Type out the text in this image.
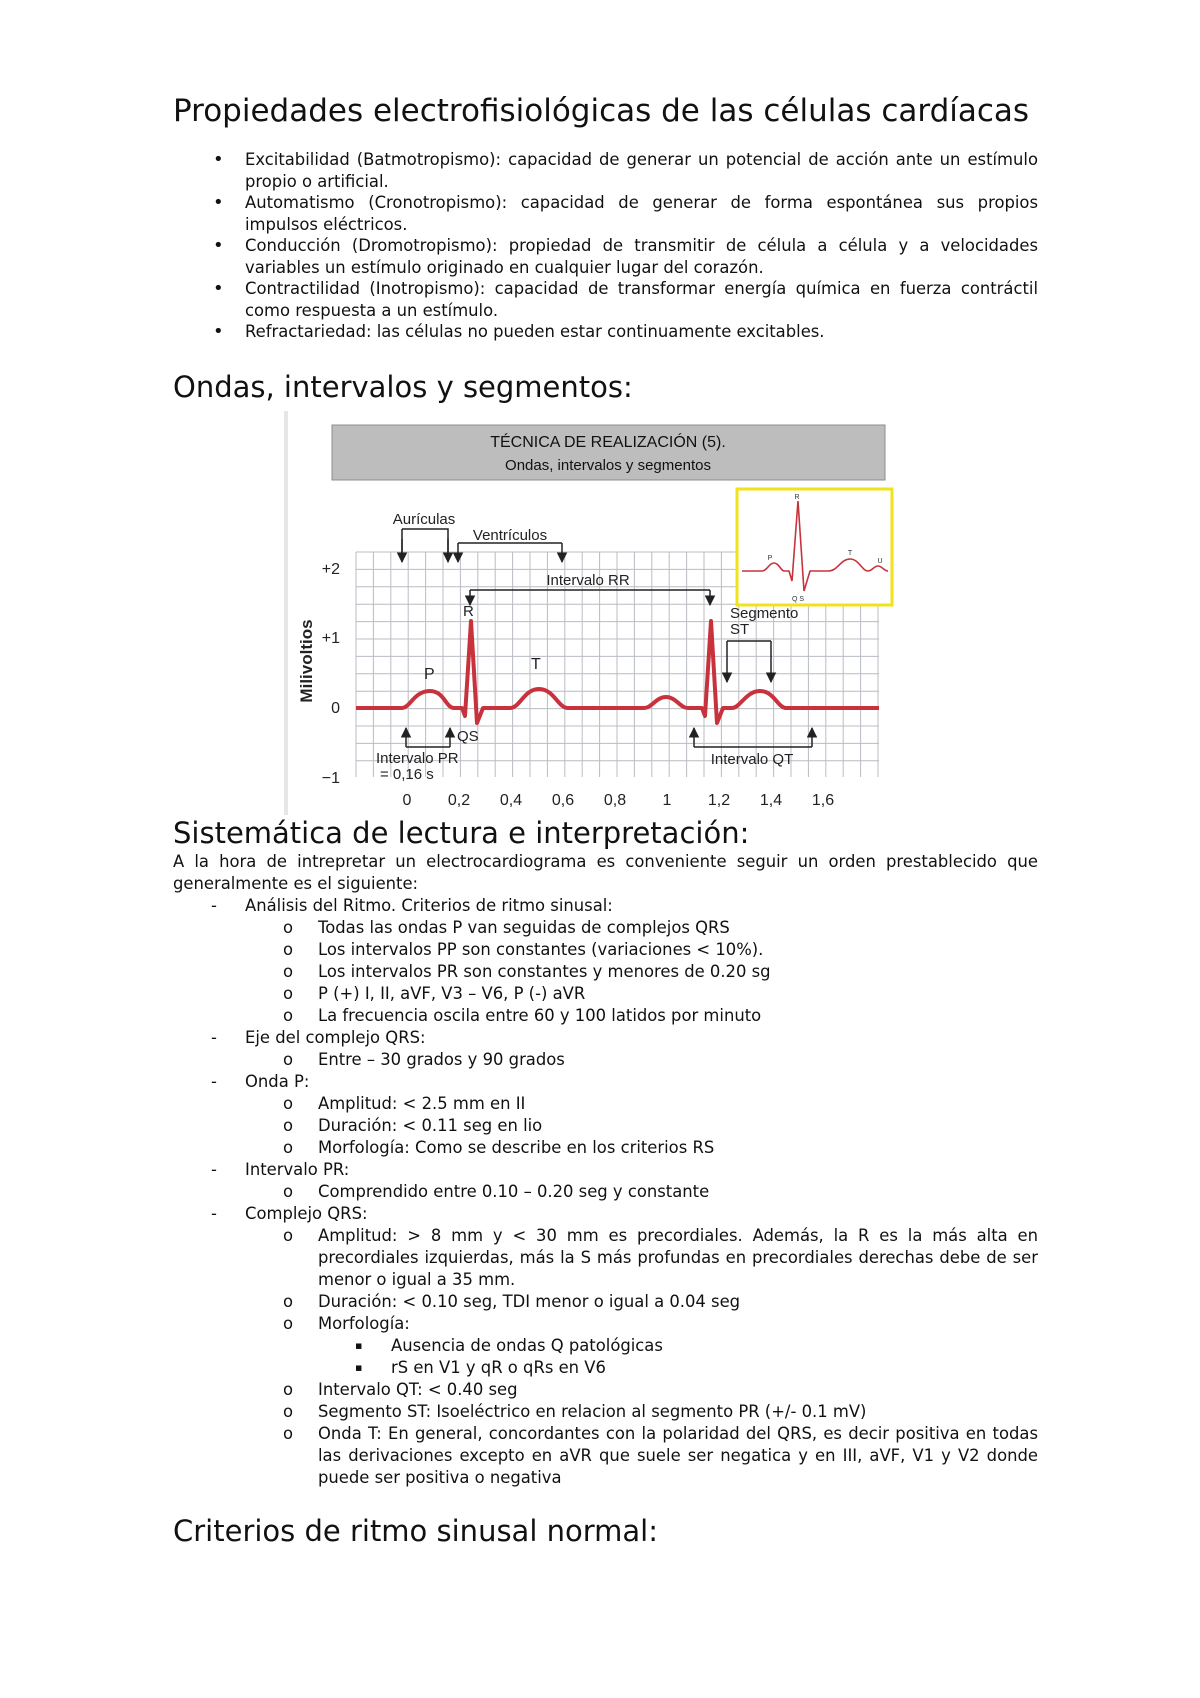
Propiedades electrofisiológicas de las células cardíacas
• Excitabilidad (Batmotropismo): capacidad de generar un potencial de acción ante un estímulo propio o artificial.
• Automatismo (Cronotropismo): capacidad de generar de forma espontánea sus propios impulsos eléctricos.
• Conducción (Dromotropismo): propiedad de transmitir de célula a célula y a velocidades variables un estímulo originado en cualquier lugar del corazón.
• Contractilidad (Inotropismo): capacidad de transformar energía química en fuerza contráctil como respuesta a un estímulo.
• Refractariedad: las células no pueden estar continuamente excitables.
Ondas, intervalos y segmentos:
TÉCNICA DE REALIZACIÓN (5).
Ondas, intervalos y segmentos
Milivoltios
+2
+1
0
−1
0 0,2 0,4 0,6 0,8 1 1,2 1,4 1,6
Aurículas
Ventrículos
Intervalo RR
R
P
T
QS
Segmento
ST
Intervalo PR
= 0,16 s
Intervalo QT
R
P
T
U
Q S
Sistemática de lectura e interpretación:

A la hora de intrepretar un electrocardiograma es conveniente seguir un orden prestablecido que generalmente es el siguiente:

- Análisis del Ritmo. Criterios de ritmo sinusal:
o Todas las ondas P van seguidas de complejos QRS
o Los intervalos PP son constantes (variaciones < 10%).
o Los intervalos PR son constantes y menores de 0.20 sg
o P (+) I, II, aVF, V3 – V6, P (-) aVR
o La frecuencia oscila entre 60 y 100 latidos por minuto
- Eje del complejo QRS:
o Entre – 30 grados y 90 grados
- Onda P:
o Amplitud: < 2.5 mm en II
o Duración: < 0.11 seg en lio
o Morfología: Como se describe en los criterios RS
- Intervalo PR:
o Comprendido entre 0.10 – 0.20 seg y constante
- Complejo QRS:
o Amplitud: > 8 mm y < 30 mm es precordiales. Además, la R es la más alta en precordiales izquierdas, más la S más profundas en precordiales derechas debe de ser menor o igual a 35 mm.
o Duración: < 0.10 seg, TDI menor o igual a 0.04 seg
o Morfología:
▪ Ausencia de ondas Q patológicas
▪ rS en V1 y qR o qRs en V6
o Intervalo QT: < 0.40 seg
o Segmento ST: Isoeléctrico en relacion al segmento PR (+/- 0.1 mV)
o Onda T: En general, concordantes con la polaridad del QRS, es decir positiva en todas las derivaciones excepto en aVR que suele ser negatica y en III, aVF, V1 y V2 donde puede ser positiva o negativa
Criterios de ritmo sinusal normal:
